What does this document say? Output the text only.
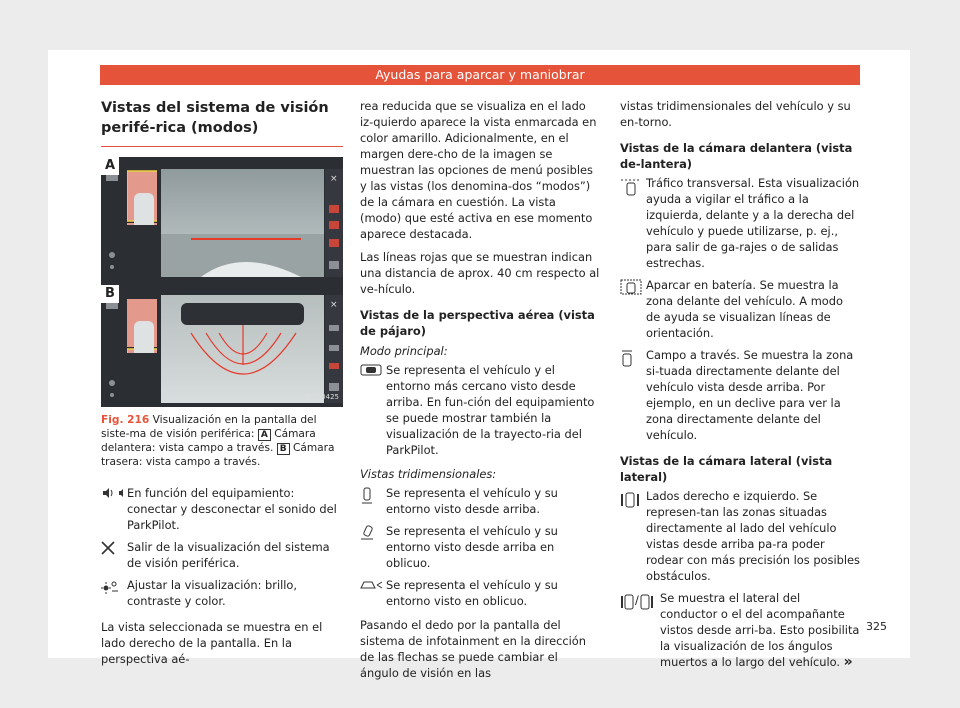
Ayudas para aparcar y maniobrar
Vistas del sistema de visión perifé-rica (modos)
A
×
B
×
B57-0425
Fig. 216 Visualización en la pantalla del siste-ma de visión periférica: A Cámara delantera: vista campo a través. B Cámara trasera: vista campo a través.
En función del equipamiento: conectar y desconectar el sonido del ParkPilot.
Salir de la visualización del sistema de visión periférica.
Ajustar la visualización: brillo, contraste y color.

La vista seleccionada se muestra en el lado derecho de la pantalla. En la perspectiva aé-

rea reducida que se visualiza en el lado iz-quierdo aparece la vista enmarcada en color amarillo. Adicionalmente, en el margen dere-cho de la imagen se muestran las opciones de menú posibles y las vistas (los denomina-dos “modos”) de la cámara en cuestión. La vista (modo) que esté activa en ese momento aparece destacada.

Las líneas rojas que se muestran indican una distancia de aprox. 40 cm respecto al ve-hículo.

Vistas de la perspectiva aérea (vista de pájaro)
Modo principal:
Se representa el vehículo y el entorno más cercano visto desde arriba. En fun-ción del equipamiento se puede mostrar también la visualización de la trayecto-ria del ParkPilot.
Vistas tridimensionales:
Se representa el vehículo y su entorno visto desde arriba.
Se representa el vehículo y su entorno visto desde arriba en oblicuo.
Se representa el vehículo y su entorno visto en oblicuo.

Pasando el dedo por la pantalla del sistema de infotainment en la dirección de las flechas se puede cambiar el ángulo de visión en las

vistas tridimensionales del vehículo y su en-torno.

Vistas de la cámara delantera (vista de-lantera)
Tráfico transversal. Esta visualización ayuda a vigilar el tráfico a la izquierda, delante y a la derecha del vehículo y puede utilizarse, p. ej., para salir de ga-rajes o de salidas estrechas.
Aparcar en batería. Se muestra la zona delante del vehículo. A modo de ayuda se visualizan líneas de orientación.
Campo a través. Se muestra la zona si-tuada directamente delante del vehículo vista desde arriba. Por ejemplo, en un declive para ver la zona directamente delante del vehículo.
Vistas de la cámara lateral (vista lateral)
Lados derecho e izquierdo. Se represen-tan las zonas situadas directamente al lado del vehículo vistas desde arriba pa-ra poder rodear con más precisión los posibles obstáculos.
/ Se muestra el lateral del conductor o el del acompañante vistos desde arri-ba. Esto posibilita la visualización de los ángulos muertos a lo largo del vehículo. »
325
